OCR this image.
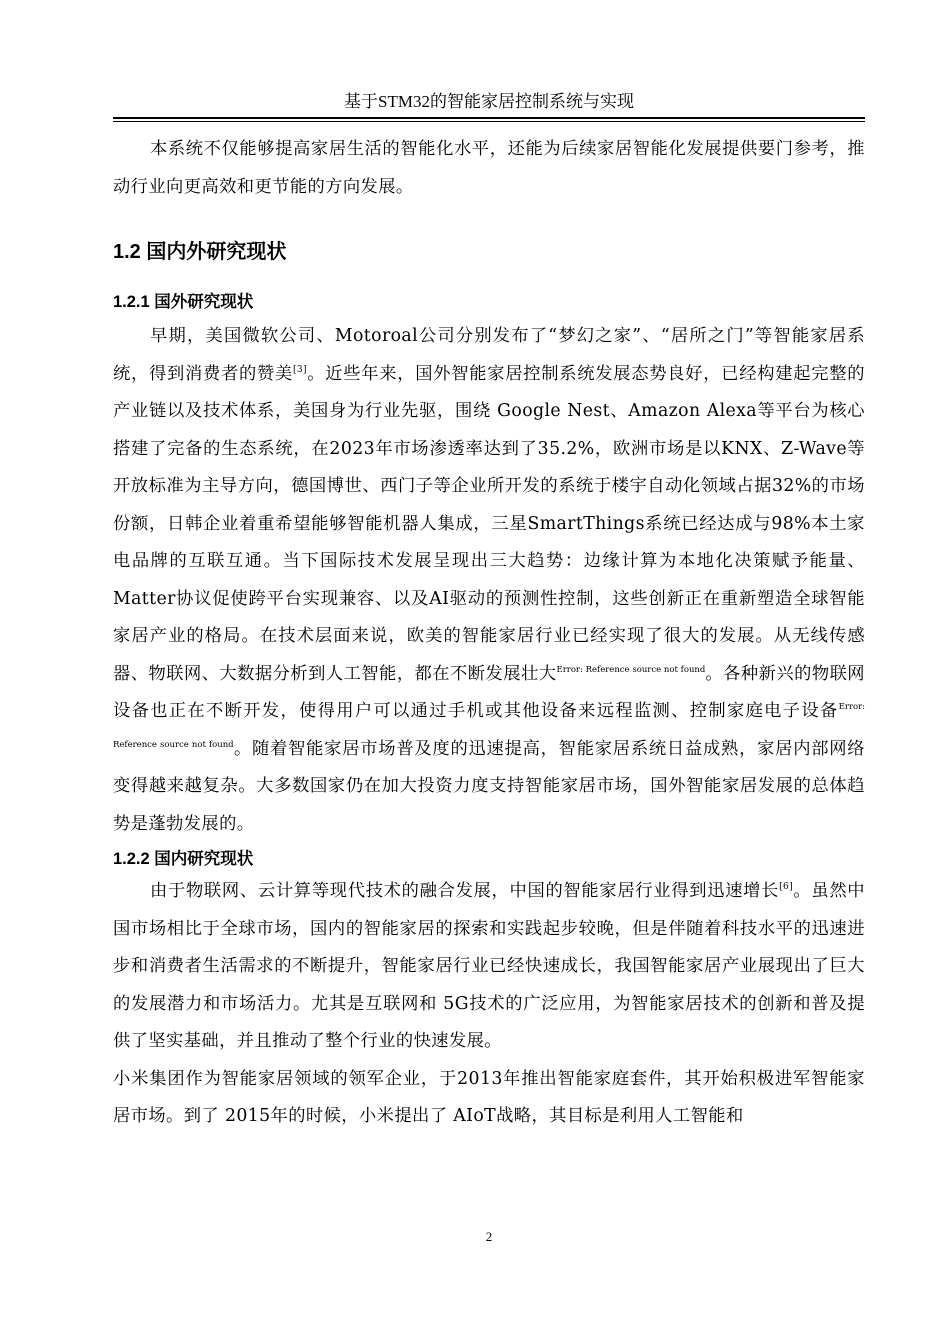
基于STM32的智能家居控制系统与实现

本系统不仅能够提高家居生活的智能化水平，还能为后续家居智能化发展提供要门参考，推动行业向更高效和更节能的方向发展。

1.2 国内外研究现状
1.2.1 国外研究现状

早期，美国微软公司、Motoroal公司分别发布了“梦幻之家”、“居所之门”等智能家居系统，得到消费者的赞美[3]。近些年来，国外智能家居控制系统发展态势良好，已经构建起完整的产业链以及技术体系，美国身为行业先驱，围绕 Google Nest、Amazon Alexa等平台为核心搭建了完备的生态系统，在2023年市场渗透率达到了35.2%，欧洲市场是以KNX、Z-Wave等开放标准为主导方向，德国博世、西门子等企业所开发的系统于楼宇自动化领域占据32%的市场份额，日韩企业着重希望能够智能机器人集成，三星SmartThings系统已经达成与98%本土家电品牌的互联互通。当下国际技术发展呈现出三大趋势：边缘计算为本地化决策赋予能量、Matter协议促使跨平台实现兼容、以及AI驱动的预测性控制，这些创新正在重新塑造全球智能家居产业的格局。在技术层面来说，欧美的智能家居行业已经实现了很大的发展。从无线传感器、物联网、大数据分析到人工智能，都在不断发展壮大$^{Error: Reference source not found}$。各种新兴的物联网设备也正在不断开发，使得用户可以通过手机或其他设备来远程监测、控制家庭电子设备$^{Error: Reference source not found}$。随着智能家居市场普及度的迅速提高，智能家居系统日益成熟，家居内部网络变得越来越复杂。大多数国家仍在加大投资力度支持智能家居市场，国外智能家居发展的总体趋势是蓬勃发展的。

1.2.2 国内研究现状

由于物联网、云计算等现代技术的融合发展，中国的智能家居行业得到迅速增长[6]。虽然中国市场相比于全球市场，国内的智能家居的探索和实践起步较晚，但是伴随着科技水平的迅速进步和消费者生活需求的不断提升，智能家居行业已经快速成长，我国智能家居产业展现出了巨大的发展潜力和市场活力。尤其是互联网和 5G技术的广泛应用，为智能家居技术的创新和普及提供了坚实基础，并且推动了整个行业的快速发展。

小米集团作为智能家居领域的领军企业，于2013年推出智能家庭套件，其开始积极进军智能家居市场。到了 2015年的时候，小米提出了 AIoT战略，其目标是利用人工智能和

2
